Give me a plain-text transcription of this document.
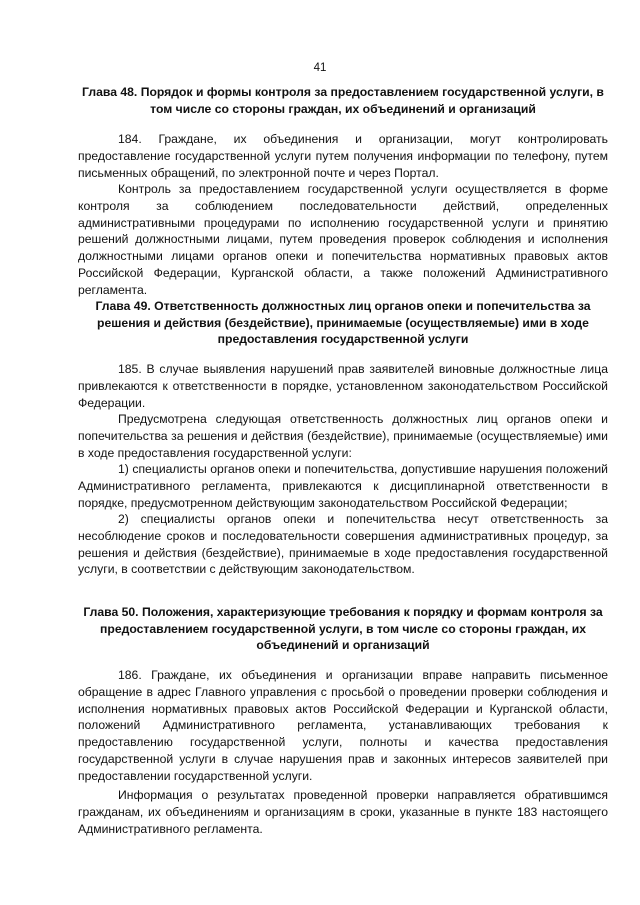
41

Глава 48. Порядок и формы контроля за предоставлением государственной услуги, в том числе со стороны граждан, их объединений и организаций

184. Граждане, их объединения и организации, могут контролировать предоставление государственной услуги путем получения информации по телефону, путем письменных обращений, по электронной почте и через Портал.

Контроль за предоставлением государственной услуги осуществляется в форме контроля за соблюдением последовательности действий, определенных административными процедурами по исполнению государственной услуги и принятию решений должностными лицами, путем проведения проверок соблюдения и исполнения должностными лицами органов опеки и попечительства нормативных правовых актов Российской Федерации, Курганской области, а также положений Административного регламента.

Глава 49. Ответственность должностных лиц органов опеки и попечительства за решения и действия (бездействие), принимаемые (осуществляемые) ими в ходе предоставления государственной услуги

185. В случае выявления нарушений прав заявителей виновные должностные лица привлекаются к ответственности в порядке, установленном законодательством Российской Федерации.

Предусмотрена следующая ответственность должностных лиц органов опеки и попечительства за решения и действия (бездействие), принимаемые (осуществляемые) ими в ходе предоставления государственной услуги:

1) специалисты органов опеки и попечительства, допустившие нарушения положений Административного регламента, привлекаются к дисциплинарной ответственности в порядке, предусмотренном действующим законодательством Российской Федерации;

2) специалисты органов опеки и попечительства несут ответственность за несоблюдение сроков и последовательности совершения административных процедур, за решения и действия (бездействие), принимаемые в ходе предоставления государственной услуги, в соответствии с действующим законодательством.

Глава 50. Положения, характеризующие требования к порядку и формам контроля за предоставлением государственной услуги, в том числе со стороны граждан, их объединений и организаций

186. Граждане, их объединения и организации вправе направить письменное обращение в адрес Главного управления с просьбой о проведении проверки соблюдения и исполнения нормативных правовых актов Российской Федерации и Курганской области, положений Административного регламента, устанавливающих требования к предоставлению государственной услуги, полноты и качества предоставления государственной услуги в случае нарушения прав и законных интересов заявителей при предоставлении государственной услуги.

Информация о результатах проведенной проверки направляется обратившимся гражданам, их объединениям и организациям в сроки, указанные в пункте 183 настоящего Административного регламента.
